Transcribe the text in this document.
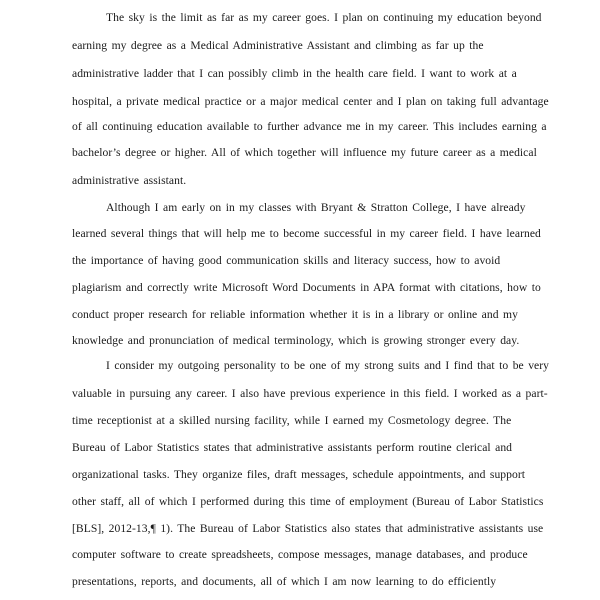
The sky is the limit as far as my career goes. I plan on continuing my education beyond

earning my degree as a Medical Administrative Assistant and climbing as far up the

administrative ladder that I can possibly climb in the health care field. I want to work at a

hospital, a private medical practice or a major medical center and I plan on taking full advantage

of all continuing education available to further advance me in my career. This includes earning a

bachelor’s degree or higher. All of which together will influence my future career as a medical

administrative assistant.

Although I am early on in my classes with Bryant & Stratton College, I have already

learned several things that will help me to become successful in my career field. I have learned

the importance of having good communication skills and literacy success, how to avoid

plagiarism and correctly write Microsoft Word Documents in APA format with citations, how to

conduct proper research for reliable information whether it is in a library or online and my

knowledge and pronunciation of medical terminology, which is growing stronger every day.

I consider my outgoing personality to be one of my strong suits and I find that to be very

valuable in pursuing any career. I also have previous experience in this field. I worked as a part-

time receptionist at a skilled nursing facility, while I earned my Cosmetology degree. The

Bureau of Labor Statistics states that administrative assistants perform routine clerical and

organizational tasks. They organize files, draft messages, schedule appointments, and support

other staff, all of which I performed during this time of employment (Bureau of Labor Statistics

[BLS], 2012-13,¶ 1). The Bureau of Labor Statistics also states that administrative assistants use

computer software to create spreadsheets, compose messages, manage databases, and produce

presentations, reports, and documents, all of which I am now learning to do efficiently
